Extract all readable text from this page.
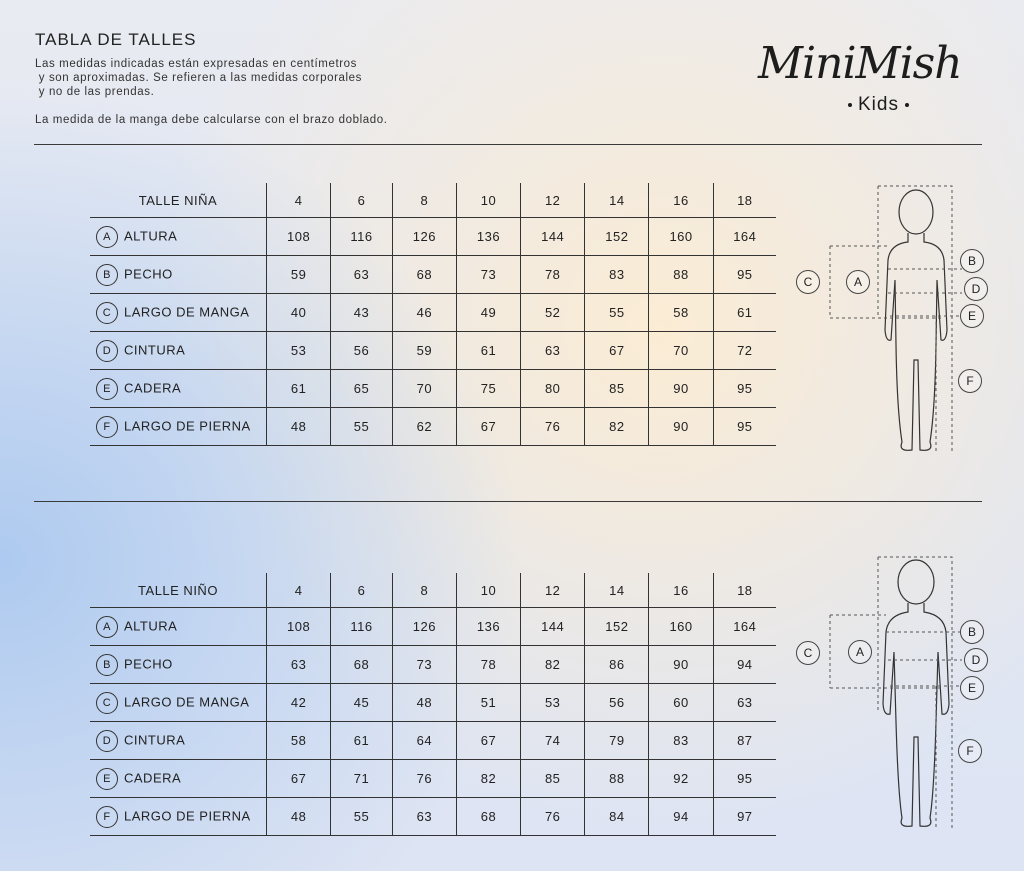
TABLA DE TALLES

Las medidas indicadas están expresadas en centímetros

y son aproximadas. Se refieren a las medidas corporales

y no de las prendas.

La medida de la manga debe calcularse con el brazo doblado.

MiniMish
Kids
TALLE NIÑA	4	6	8	10	12	14	16	18
A ALTURA	108	116	126	136	144	152	160	164
B PECHO	59	63	68	73	78	83	88	95
C LARGO DE MANGA	40	43	46	49	52	55	58	61
D CINTURA	53	56	59	61	63	67	70	72
E CADERA	61	65	70	75	80	85	90	95
F LARGO DE PIERNA	48	55	62	67	76	82	90	95
TALLE NIÑO	4	6	8	10	12	14	16	18
A ALTURA	108	116	126	136	144	152	160	164
B PECHO	63	68	73	78	82	86	90	94
C LARGO DE MANGA	42	45	48	51	53	56	60	63
D CINTURA	58	61	64	67	74	79	83	87
E CADERA	67	71	76	82	85	88	92	95
F LARGO DE PIERNA	48	55	63	68	76	84	94	97
A
B
C	D
E
F
A
B
C	D
E
F
